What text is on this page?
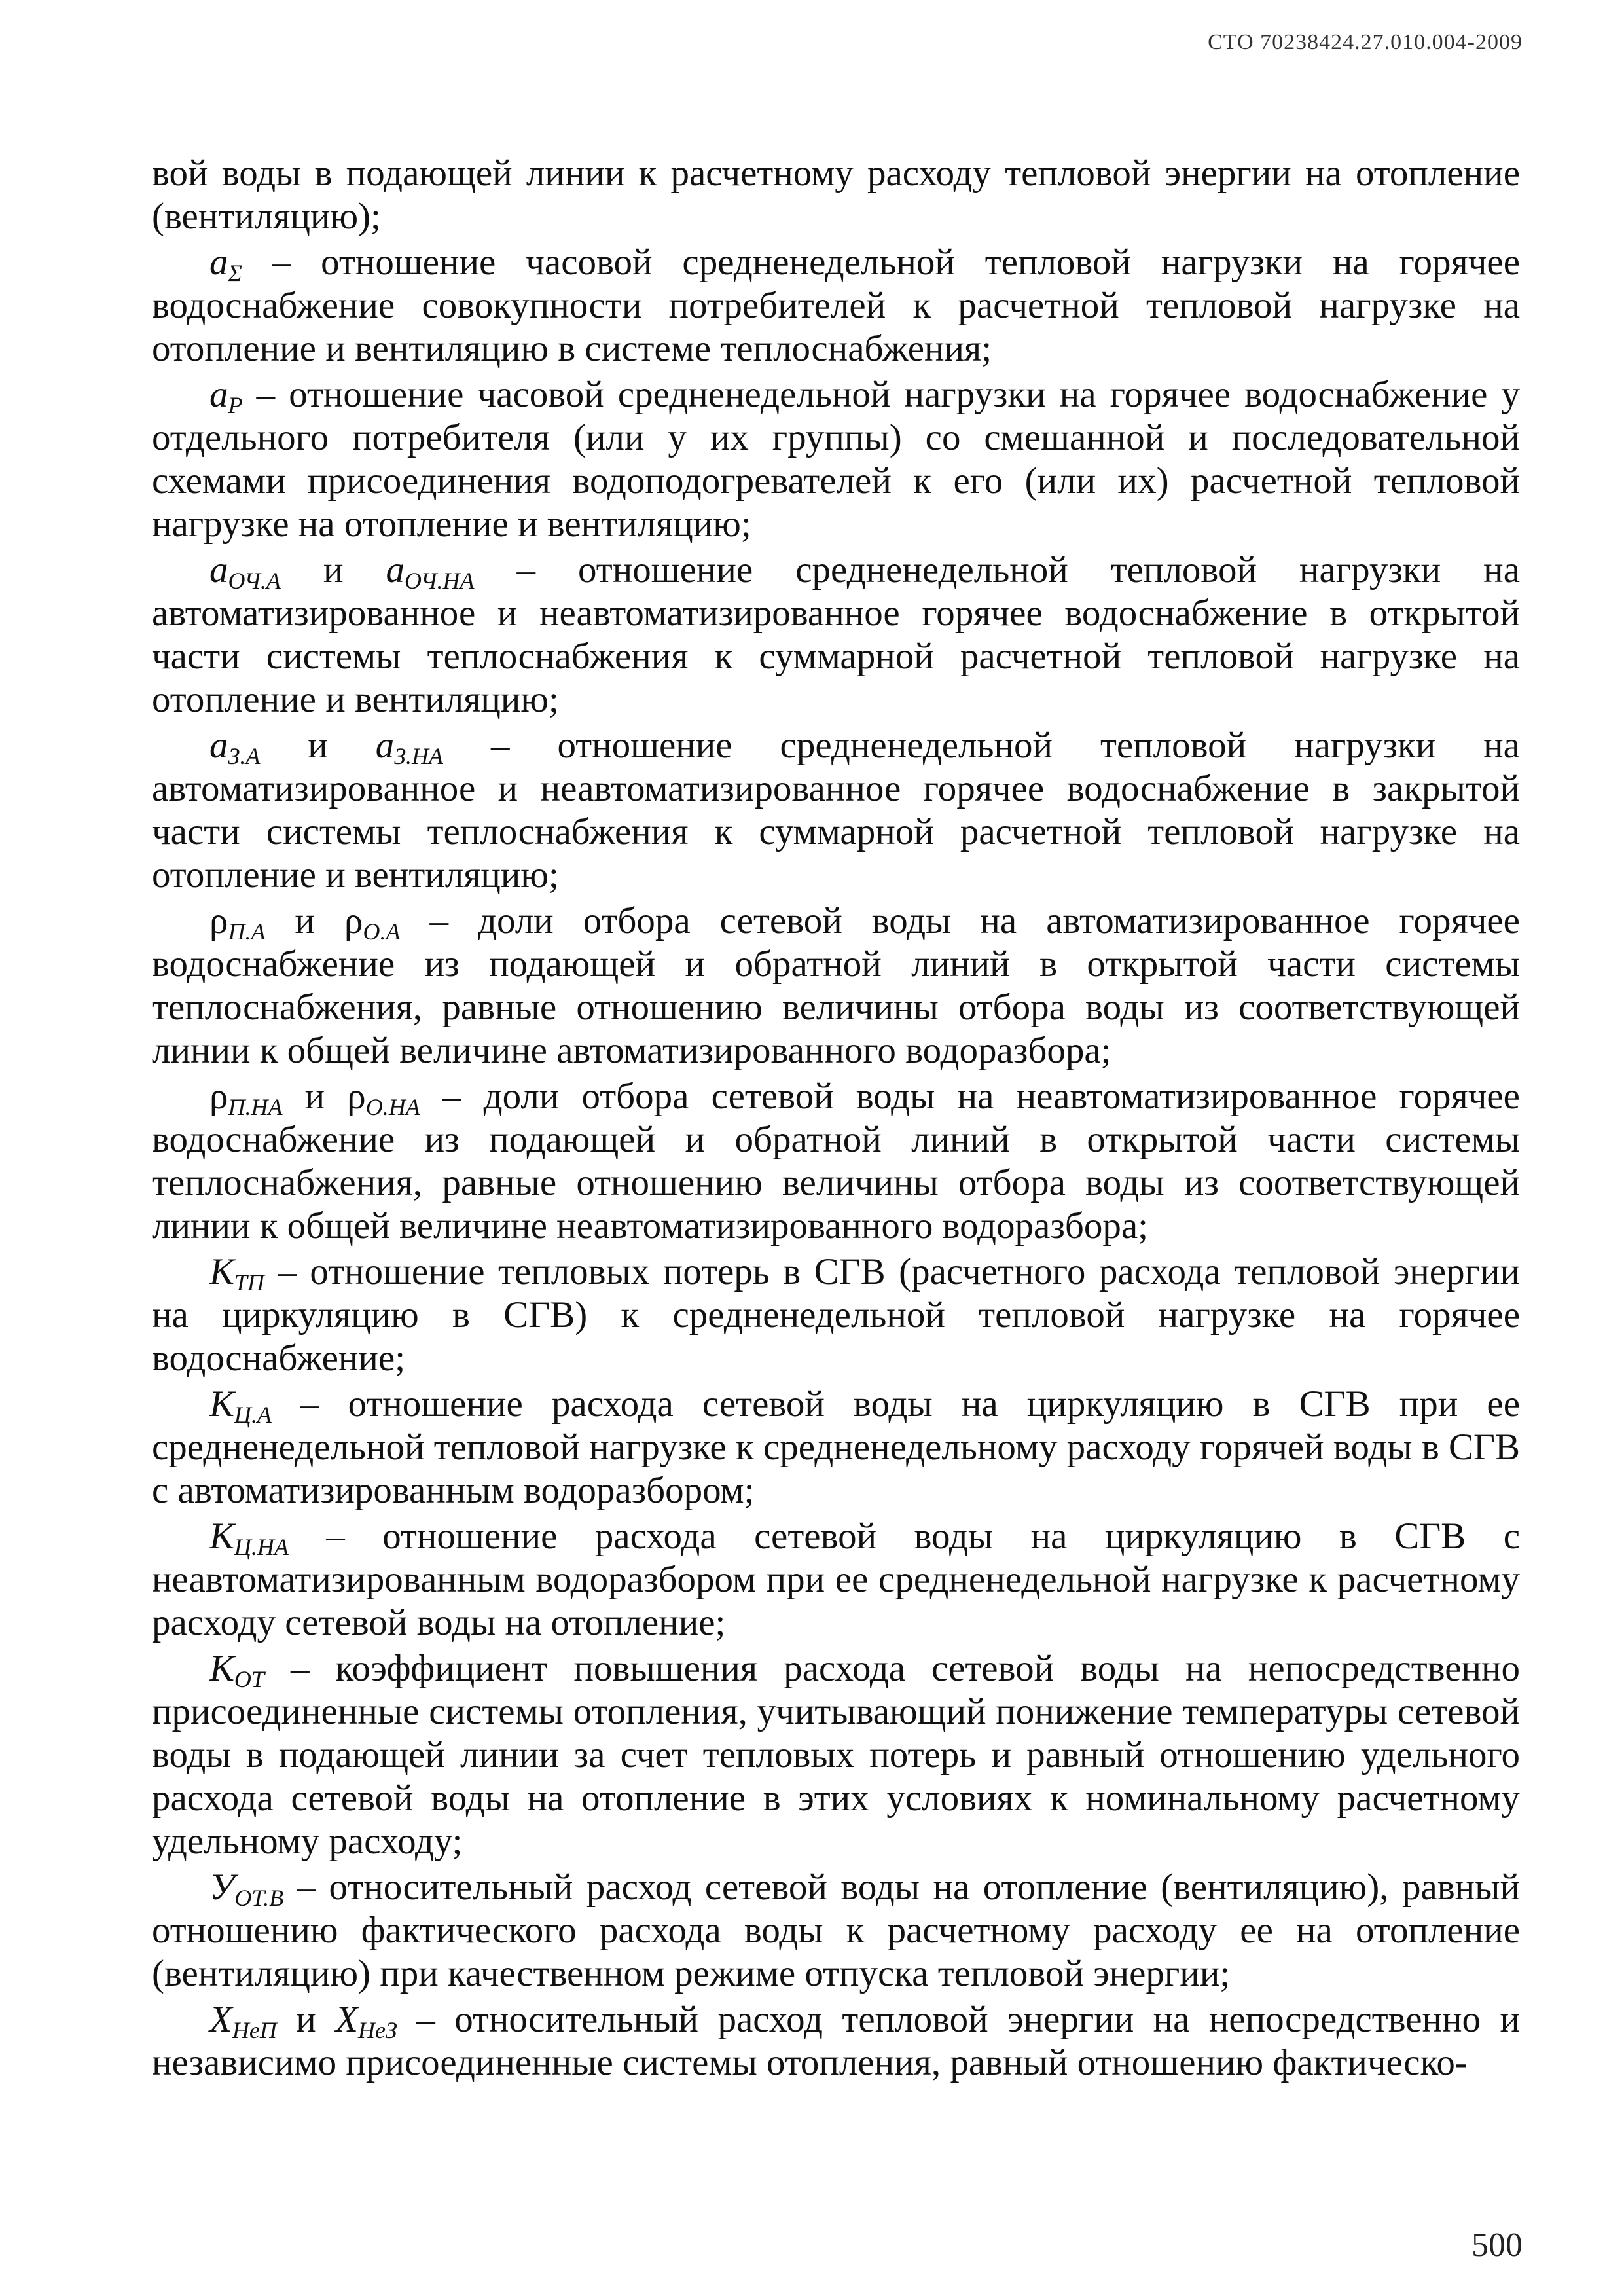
СТО 70238424.27.010.004-2009

вой воды в подающей линии к расчетному расходу тепловой энергии на отопление (вентиляцию);

$a_\Sigma$ – отношение часовой средненедельной тепловой нагрузки на горячее водоснабжение совокупности потребителей к расчетной тепловой нагрузке на отопление и вентиляцию в системе теплоснабжения;

$a_Р$ – отношение часовой средненедельной нагрузки на горячее водоснабжение у отдельного потребителя (или у их группы) со смешанной и последовательной схемами присоединения водоподогревателей к его (или их) расчетной тепловой нагрузке на отопление и вентиляцию;

$a_{ОЧ.А}$ и $a_{ОЧ.НА}$ – отношение средненедельной тепловой нагрузки на автоматизированное и неавтоматизированное горячее водоснабжение в открытой части системы теплоснабжения к суммарной расчетной тепловой нагрузке на отопление и вентиляцию;

$a_{З.А}$ и $a_{З.НА}$ – отношение средненедельной тепловой нагрузки на автоматизированное и неавтоматизированное горячее водоснабжение в закрытой части системы теплоснабжения к суммарной расчетной тепловой нагрузке на отопление и вентиляцию;

$\rho_{П.А}$ и $\rho_{О.А}$ – доли отбора сетевой воды на автоматизированное горячее водоснабжение из подающей и обратной линий в открытой части системы теплоснабжения, равные отношению величины отбора воды из соответствующей линии к общей величине автоматизированного водоразбора;

$\rho_{П.НА}$ и $\rho_{О.НА}$ – доли отбора сетевой воды на неавтоматизированное горячее водоснабжение из подающей и обратной линий в открытой части системы теплоснабжения, равные отношению величины отбора воды из соответствующей линии к общей величине неавтоматизированного водоразбора;

$К_{ТП}$ – отношение тепловых потерь в СГВ (расчетного расхода тепловой энергии на циркуляцию в СГВ) к средненедельной тепловой нагрузке на горячее водоснабжение;

$К_{Ц.А}$ – отношение расхода сетевой воды на циркуляцию в СГВ при ее средненедельной тепловой нагрузке к средненедельному расходу горячей воды в СГВ с автоматизированным водоразбором;

$К_{Ц.НА}$ – отношение расхода сетевой воды на циркуляцию в СГВ с неавтоматизированным водоразбором при ее средненедельной нагрузке к расчетному расходу сетевой воды на отопление;

$К_{ОТ}$ – коэффициент повышения расхода сетевой воды на непосредственно присоединенные системы отопления, учитывающий понижение температуры сетевой воды в подающей линии за счет тепловых потерь и равный отношению удельного расхода сетевой воды на отопление в этих условиях к номинальному расчетному удельному расходу;

$У_{ОТ.В}$ – относительный расход сетевой воды на отопление (вентиляцию), равный отношению фактического расхода воды к расчетному расходу ее на отопление (вентиляцию) при качественном режиме отпуска тепловой энергии;

$Х_{НеП}$ и $Х_{НеЗ}$ – относительный расход тепловой энергии на непосредственно и независимо присоединенные системы отопления, равный отношению фактическо-

500
